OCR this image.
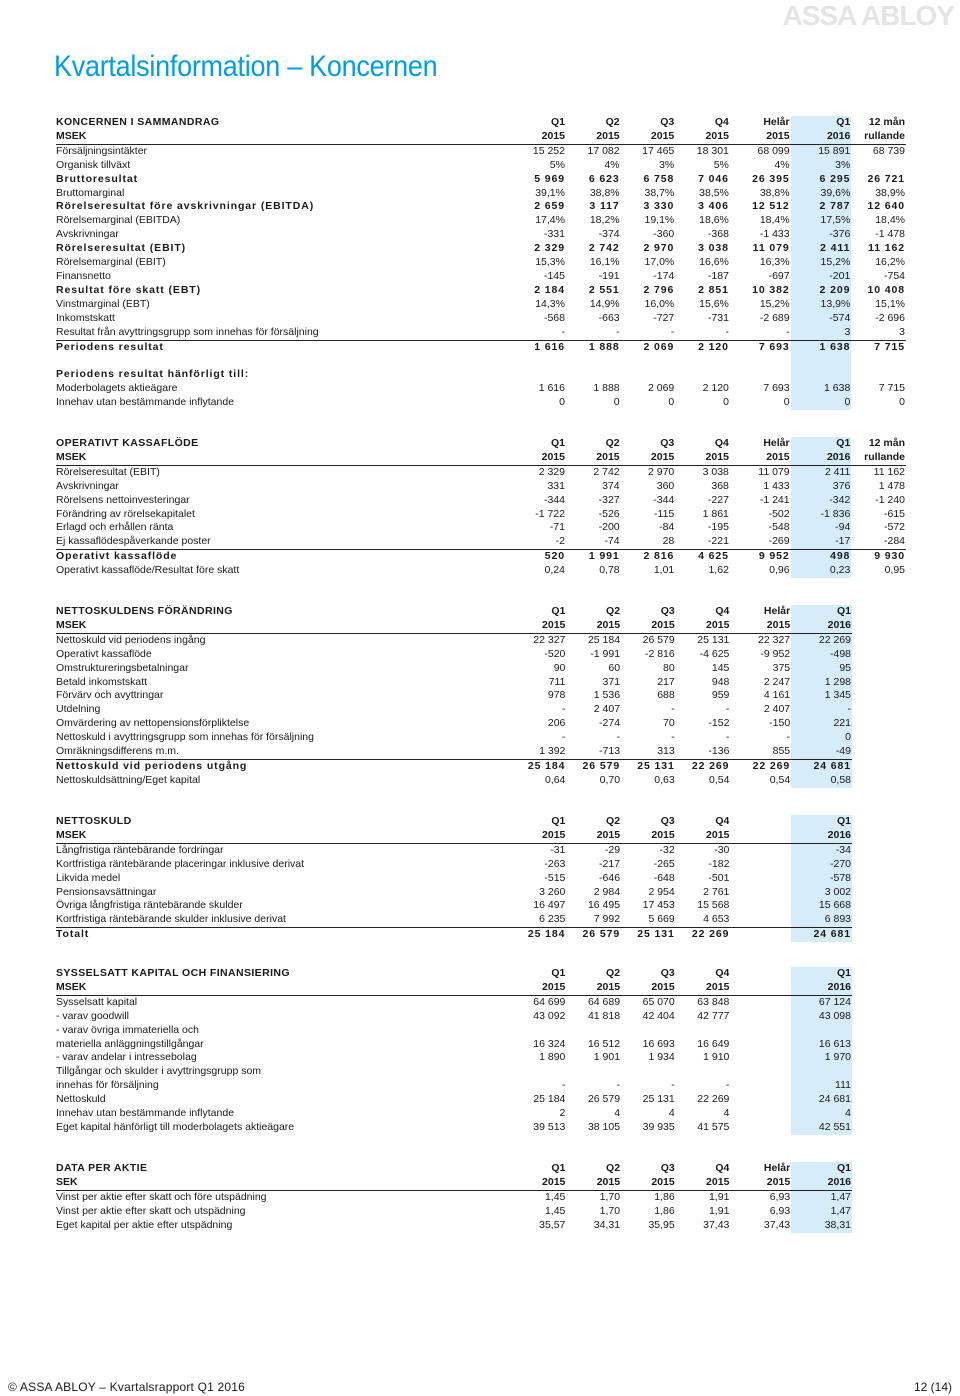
ASSA ABLOY
Kvartalsinformation – Koncernen
KONCERNEN I SAMMANDRAG	Q1	Q2	Q3	Q4	Helår	Q1	12 mån
MSEK	2015	2015	2015	2015	2015	2016	rullande
Försäljningsintäkter	15 252	17 082	17 465	18 301	68 099	15 891	68 739
Organisk tillväxt	5%	4%	3%	5%	4%	3%	
Bruttoresultat	5 969	6 623	6 758	7 046	26 395	6 295	26 721
Bruttomarginal	39,1%	38,8%	38,7%	38,5%	38,8%	39,6%	38,9%
Rörelseresultat före avskrivningar (EBITDA)	2 659	3 117	3 330	3 406	12 512	2 787	12 640
Rörelsemarginal (EBITDA)	17,4%	18,2%	19,1%	18,6%	18,4%	17,5%	18,4%
Avskrivningar	-331	-374	-360	-368	-1 433	-376	-1 478
Rörelseresultat (EBIT)	2 329	2 742	2 970	3 038	11 079	2 411	11 162
Rörelsemarginal (EBIT)	15,3%	16,1%	17,0%	16,6%	16,3%	15,2%	16,2%
Finansnetto	-145	-191	-174	-187	-697	-201	-754
Resultat före skatt (EBT)	2 184	2 551	2 796	2 851	10 382	2 209	10 408
Vinstmarginal (EBT)	14,3%	14,9%	16,0%	15,6%	15,2%	13,9%	15,1%
Inkomstskatt	-568	-663	-727	-731	-2 689	-574	-2 696
Resultat från avyttringsgrupp som innehas för försäljning	-	-	-	-	-	3	3
Periodens resultat	1 616	1 888	2 069	2 120	7 693	1 638	7 715

Periodens resultat hänförligt till:							
Moderbolagets aktieägare	1 616	1 888	2 069	2 120	7 693	1 638	7 715
Innehav utan bestämmande inflytande	0	0	0	0	0	0	0
OPERATIVT KASSAFLÖDE	Q1	Q2	Q3	Q4	Helår	Q1	12 mån
MSEK	2015	2015	2015	2015	2015	2016	rullande
Rörelseresultat (EBIT)	2 329	2 742	2 970	3 038	11 079	2 411	11 162
Avskrivningar	331	374	360	368	1 433	376	1 478
Rörelsens nettoinvesteringar	-344	-327	-344	-227	-1 241	-342	-1 240
Förändring av rörelsekapitalet	-1 722	-526	-115	1 861	-502	-1 836	-615
Erlagd och erhållen ränta	-71	-200	-84	-195	-548	-94	-572
Ej kassaflödespåverkande poster	-2	-74	28	-221	-269	-17	-284
Operativt kassaflöde	520	1 991	2 816	4 625	9 952	498	9 930
Operativt kassaflöde/Resultat före skatt	0,24	0,78	1,01	1,62	0,96	0,23	0,95
NETTOSKULDENS FÖRÄNDRING	Q1	Q2	Q3	Q4	Helår	Q1
MSEK	2015	2015	2015	2015	2015	2016
Nettoskuld vid periodens ingång	22 327	25 184	26 579	25 131	22 327	22 269
Operativt kassaflöde	-520	-1 991	-2 816	-4 625	-9 952	-498
Omstruktureringsbetalningar	90	60	80	145	375	95
Betald inkomstskatt	711	371	217	948	2 247	1 298
Förvärv och avyttringar	978	1 536	688	959	4 161	1 345
Utdelning	-	2 407	-	-	2 407	-
Omvärdering av nettopensionsförpliktelse	206	-274	70	-152	-150	221
Nettoskuld i avyttringsgrupp som innehas för försäljning	-	-	-	-	-	0
Omräkningsdifferens m.m.	1 392	-713	313	-136	855	-49
Nettoskuld vid periodens utgång	25 184	26 579	25 131	22 269	22 269	24 681
Nettoskuldsättning/Eget kapital	0,64	0,70	0,63	0,54	0,54	0,58
NETTOSKULD	Q1	Q2	Q3	Q4		Q1
MSEK	2015	2015	2015	2015		2016
Långfristiga räntebärande fordringar	-31	-29	-32	-30		-34
Kortfristiga räntebärande placeringar inklusive derivat	-263	-217	-265	-182		-270
Likvida medel	-515	-646	-648	-501		-578
Pensionsavsättningar	3 260	2 984	2 954	2 761		3 002
Övriga långfristiga räntebärande skulder	16 497	16 495	17 453	15 568		15 668
Kortfristiga räntebärande skulder inklusive derivat	6 235	7 992	5 669	4 653		6 893
Totalt	25 184	26 579	25 131	22 269		24 681
SYSSELSATT KAPITAL OCH FINANSIERING	Q1	Q2	Q3	Q4		Q1
MSEK	2015	2015	2015	2015		2016
Sysselsatt kapital	64 699	64 689	65 070	63 848		67 124
- varav goodwill	43 092	41 818	42 404	42 777		43 098
- varav övriga immateriella och						
materiella anläggningstillgångar	16 324	16 512	16 693	16 649		16 613
- varav andelar i intressebolag	1 890	1 901	1 934	1 910		1 970
Tillgångar och skulder i avyttringsgrupp som						
innehas för försäljning	-	-	-	-		111
Nettoskuld	25 184	26 579	25 131	22 269		24 681
Innehav utan bestämmande inflytande	2	4	4	4		4
Eget kapital hänförligt till moderbolagets aktieägare	39 513	38 105	39 935	41 575		42 551
DATA PER AKTIE	Q1	Q2	Q3	Q4	Helår	Q1
SEK	2015	2015	2015	2015	2015	2016
Vinst per aktie efter skatt och före utspädning	1,45	1,70	1,86	1,91	6,93	1,47
Vinst per aktie efter skatt och utspädning	1,45	1,70	1,86	1,91	6,93	1,47
Eget kapital per aktie efter utspädning	35,57	34,31	35,95	37,43	37,43	38,31
© ASSA ABLOY – Kvartalsrapport Q1 2016	12 (14)
